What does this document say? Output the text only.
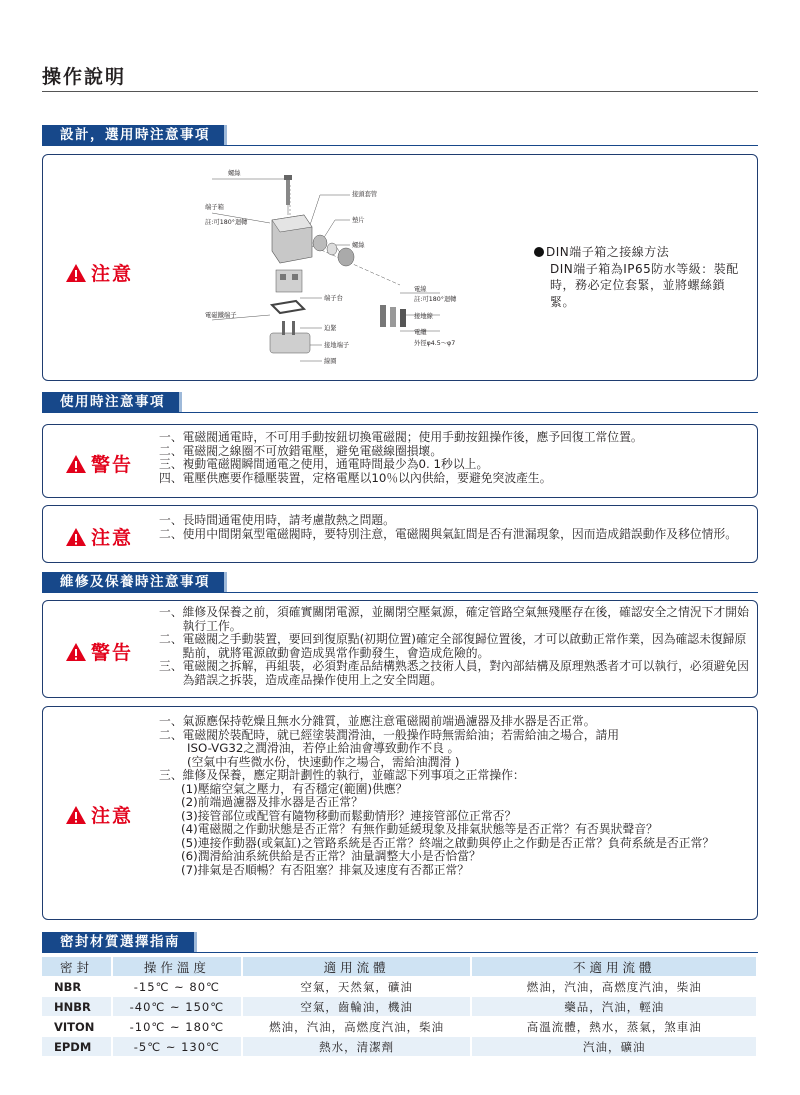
操作說明
設計，選用時注意事項
注意
螺絲
端子箱
註:可180°迴轉
接頭套管
墊片
螺絲
端子台
電線
註:可180°迴轉
電磁鐵端子
迫緊
接地線
電纜
外徑φ4.5～φ7
接地端子
線圈
DIN端子箱之接線方法
DIN端子箱為IP65防水等級：裝配時，務必定位套緊，並將螺絲鎖緊。
使用時注意事項
警告
一、 電磁閥通電時，不可用手動按鈕切換電磁閥；使用手動按鈕操作後，應予回復工常位置。
二、 電磁閥之線圈不可放錯電壓，避免電磁線圈損壞。
三、 複動電磁閥瞬間通電之使用，通電時間最少為0. 1秒以上。
四、 電壓供應要作穩壓裝置，定格電壓以10％以內供給，要避免突波產生。
注意
一、 長時間通電使用時，請考慮散熱之問題。
二、 使用中間閉氣型電磁閥時，要特別注意，電磁閥與氣缸間是否有泄漏現象，因而造成錯誤動作及移位情形。
維修及保養時注意事項
警告
一、 維修及保養之前，須確實關閉電源，並關閉空壓氣源，確定管路空氣無殘壓存在後，確認安全之情況下才開始執行工作。
二、 電磁閥之手動裝置，要回到復原點(初期位置)確定全部復歸位置後，才可以啟動正常作業，因為確認未復歸原點前，就將電源啟動會造成異常作動發生，會造成危險的。
三、 電磁閥之拆解，再組裝，必須對產品結構熟悉之技術人員，對內部結構及原理熟悉者才可以執行，必須避免因為錯誤之拆裝，造成產品操作使用上之安全問題。
注意
一、 氣源應保持乾燥且無水分雜質，並應注意電磁閥前端過濾器及排水器是否正常。
二、 電磁閥於裝配時，就已經塗裝潤滑油，一般操作時無需給油；若需給油之場合，請用
ISO-VG32之潤滑油，若停止給油會導致動作不良 。
(空氣中有些微水份，快速動作之場合，需給油潤滑 )
三、 維修及保養，應定期計劃性的執行，並確認下列事項之正常操作：
(1) 壓縮空氣之壓力，有否穩定(範圍)供應？
(2) 前端過濾器及排水器是否正常？
(3) 接管部位或配管有隨物移動而鬆動情形？連接管部位正常否？
(4) 電磁閥之作動狀態是否正常？有無作動延緩現象及排氣狀態等是否正常？有否異狀聲音？
(5) 連接作動器(或氣缸)之管路系統是否正常？終端之啟動與停止之作動是否正常？負荷系統是否正常？
(6) 潤滑給油系統供給是否正常？油量調整大小是否恰當？
(7) 排氣是否順暢？有否阻塞？排氣及速度有否都正常？
密封材質選擇指南
密封	操作溫度	適用流體	不適用流體
NBR	-15℃ ~ 80℃	空氣，天然氣，礦油	燃油，汽油，高燃度汽油，柴油
HNBR	-40℃ ~ 150℃	空氣，齒輪油，機油	藥品，汽油，輕油
VITON	-10℃ ~ 180℃	燃油，汽油，高燃度汽油，柴油	高溫流體，熱水，蒸氣，煞車油
EPDM	-5℃ ~ 130℃	熱水，清潔劑	汽油，礦油
